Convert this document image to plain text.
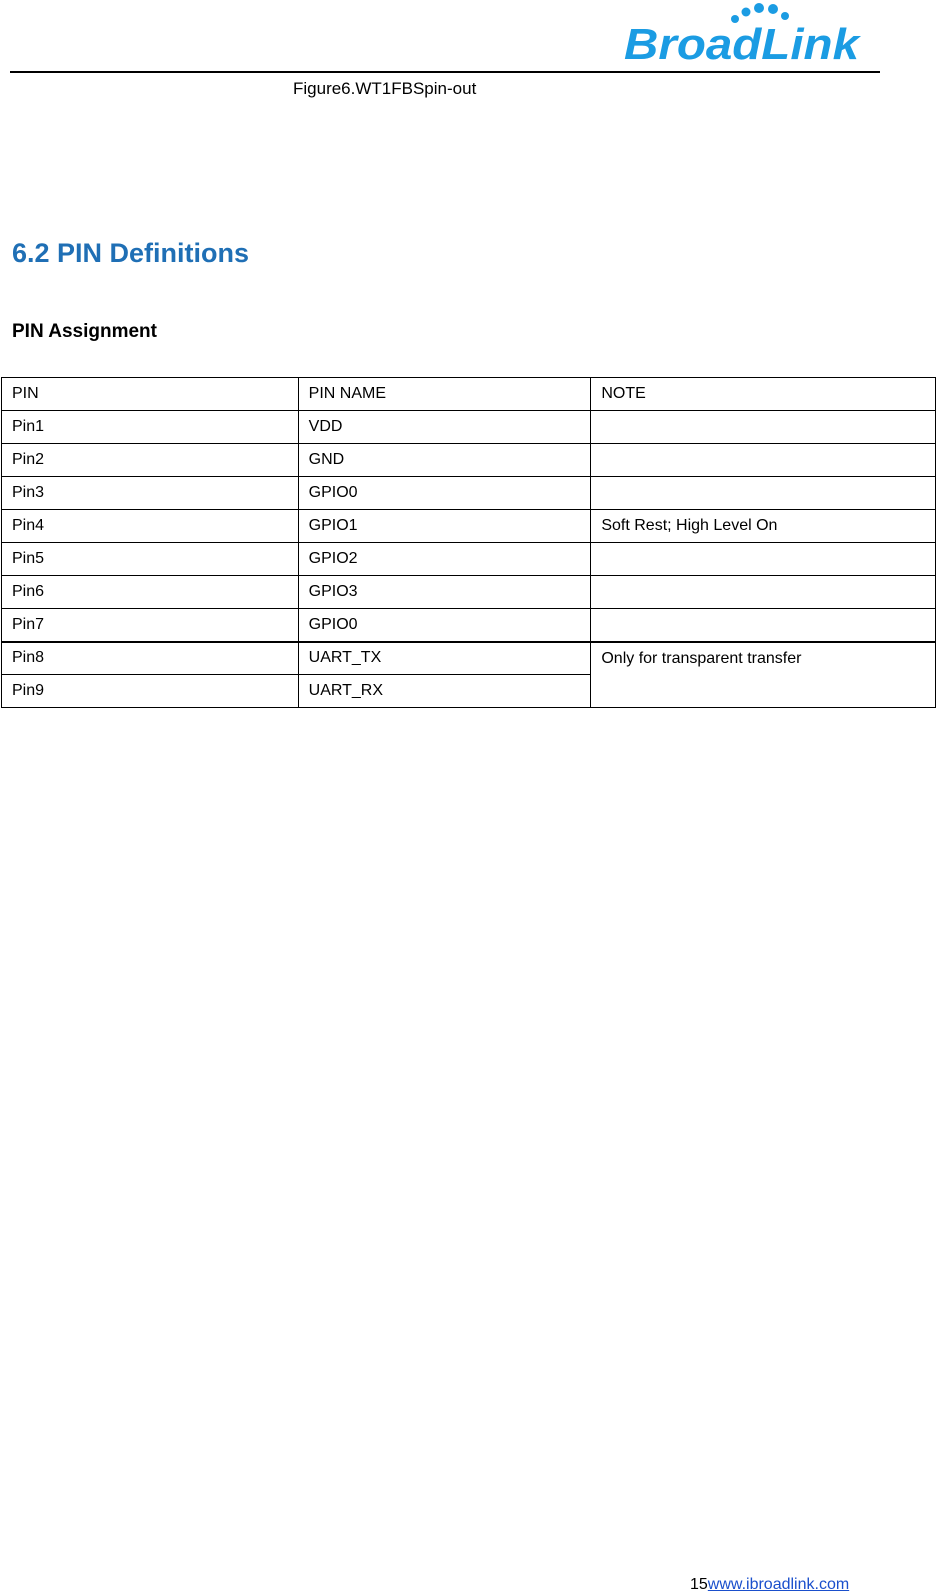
BroadLink
Figure6.WT1FBSpin-out
6.2 PIN Definitions
PIN Assignment
PIN	PIN NAME	NOTE
Pin1	VDD	
Pin2	GND	
Pin3	GPIO0	
Pin4	GPIO1	Soft Rest; High Level On
Pin5	GPIO2	
Pin6	GPIO3	
Pin7	GPIO0	
Pin8	UART_TX	Only for transparent transfer
Pin9	UART_RX	
15www.ibroadlink.com
